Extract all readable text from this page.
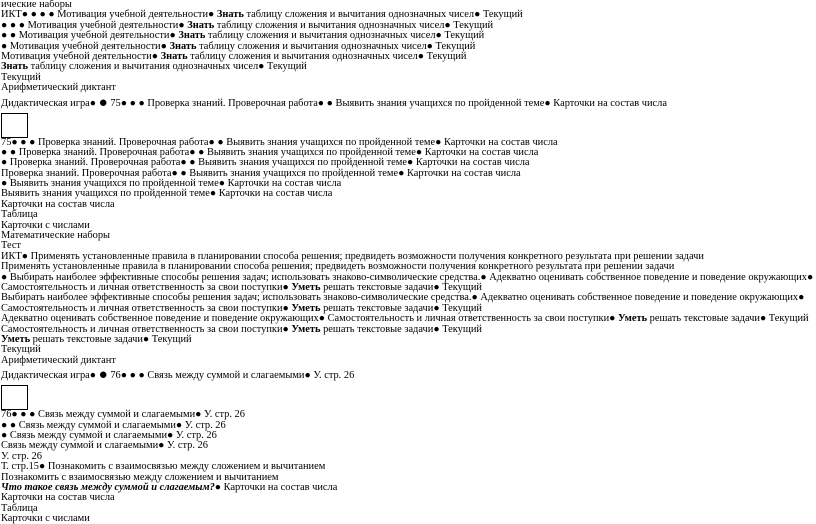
ические наборы
ИКТ● ● ● ● Мотивация учебной деятельности● Знать таблицу сложения и вычитания однозначных чисел● Текущий
● ● ● Мотивация учебной деятельности● Знать таблицу сложения и вычитания однозначных чисел● Текущий
● ● Мотивация учебной деятельности● Знать таблицу сложения и вычитания однозначных чисел● Текущий
● Мотивация учебной деятельности● Знать таблицу сложения и вычитания однозначных чисел● Текущий
Мотивация учебной деятельности● Знать таблицу сложения и вычитания однозначных чисел● Текущий
Знать таблицу сложения и вычитания однозначных чисел● Текущий
Текущий
Арифметический диктант
Дидактическая игра● ● 75● ● ● Проверка знаний. Проверочная работа● ● Выявить знания учащихся по пройденной теме● Карточки на состав числа
75● ● ● Проверка знаний. Проверочная работа● ● Выявить знания учащихся по пройденной теме● Карточки на состав числа
● ● Проверка знаний. Проверочная работа● ● Выявить знания учащихся по пройденной теме● Карточки на состав числа
● Проверка знаний. Проверочная работа● ● Выявить знания учащихся по пройденной теме● Карточки на состав числа
Проверка знаний. Проверочная работа● ● Выявить знания учащихся по пройденной теме● Карточки на состав числа
● Выявить знания учащихся по пройденной теме● Карточки на состав числа
Выявить знания учащихся по пройденной теме● Карточки на состав числа
Карточки на состав числа
Таблица
Карточки с числами
Математические наборы
Тест
ИКТ● Применять установленные правила в планировании способа решения; предвидеть возможности получения конкретного результата при решении задачи
Применять установленные правила в планировании способа решения; предвидеть возможности получения конкретного результата при решении задачи
● Выбирать наиболее эффективные способы решения задач; использовать знаково-символические средства.● Адекватно оценивать собственное поведение и поведение окружающих● Самостоятельность и личная ответственность за свои поступки● Уметь решать текстовые задачи● Текущий
Выбирать наиболее эффективные способы решения задач; использовать знаково-символические средства.● Адекватно оценивать собственное поведение и поведение окружающих● Самостоятельность и личная ответственность за свои поступки● Уметь решать текстовые задачи● Текущий
Адекватно оценивать собственное поведение и поведение окружающих● Самостоятельность и личная ответственность за свои поступки● Уметь решать текстовые задачи● Текущий
Самостоятельность и личная ответственность за свои поступки● Уметь решать текстовые задачи● Текущий
Уметь решать текстовые задачи● Текущий
Текущий
Арифметический диктант
Дидактическая игра● ● 76● ● ● Связь между суммой и слагаемыми● У. стр. 26
76● ● ● Связь между суммой и слагаемыми● У. стр. 26
● ● Связь между суммой и слагаемыми● У. стр. 26
● Связь между суммой и слагаемыми● У. стр. 26
Связь между суммой и слагаемыми● У. стр. 26
У. стр. 26
Т. стр.15● Познакомить с взаимосвязью между сложением и вычитанием
Познакомить с взаимосвязью между сложением и вычитанием
Что такое связь между суммой и слагаемым?● Карточки на состав числа
Карточки на состав числа
Таблица
Карточки с числами
